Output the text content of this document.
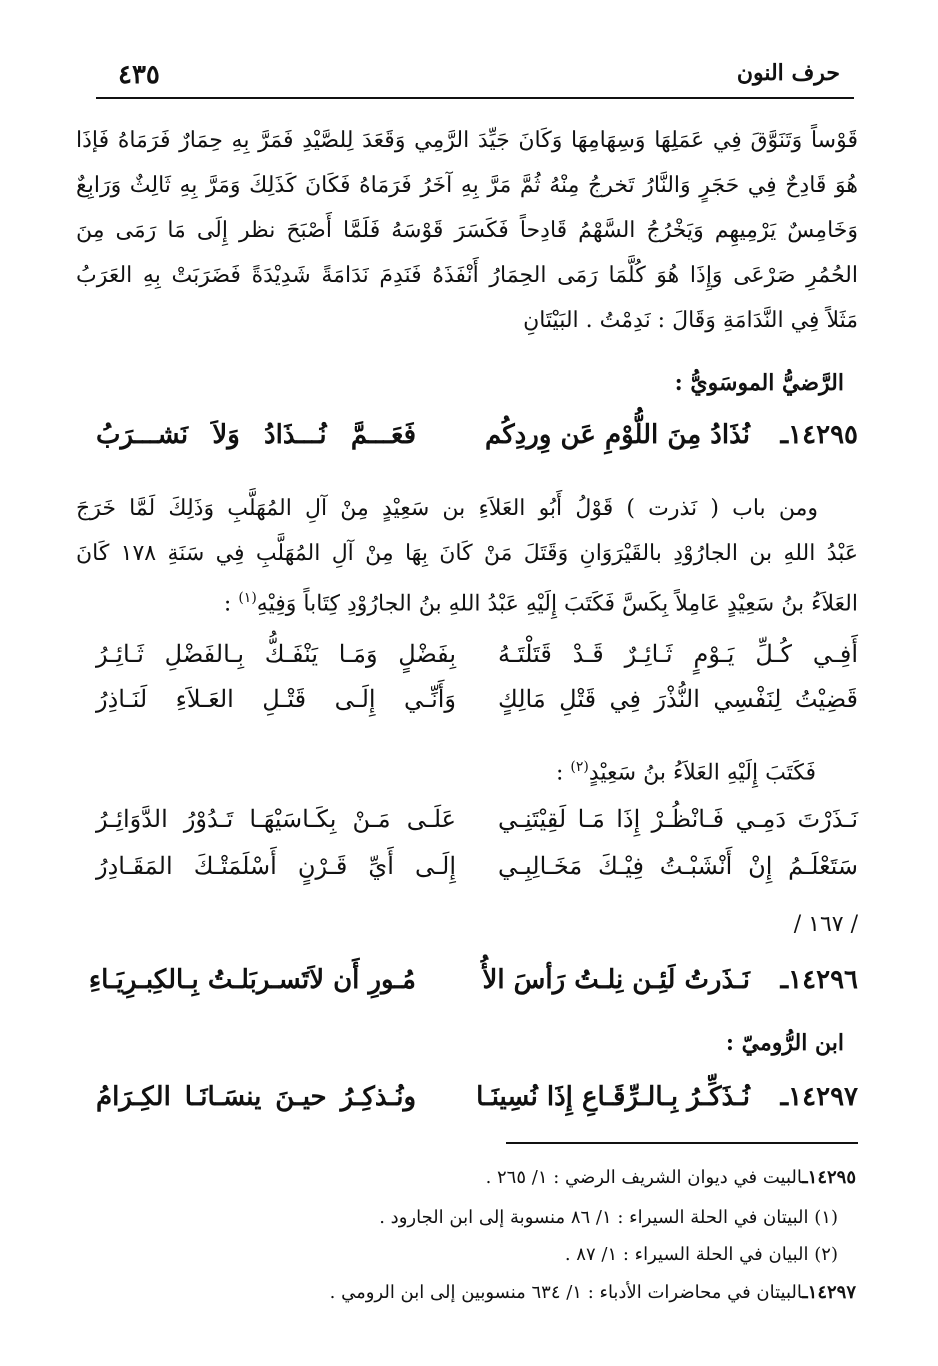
حرف النون
٤٣٥
قَوْساً وَتَنَوَّقَ فِي عَمَلِهَا وَسِهَامِهَا وَكَانَ جَيِّدَ الرَّمِي وَقَعَدَ لِلصَّيْدِ فَمَرَّ بِهِ حِمَارٌ فَرَمَاهُ فَإذَا
هُوَ قَادِحٌ فِي حَجَرٍ وَالنَّارُ تَخرجُ مِنْهُ ثُمَّ مَرَّ بِهِ آخَرُ فَرَمَاهُ فَكَانَ كَذَلِكَ وَمَرَّ بِهِ ثَالِثٌ وَرَابِعٌ
وَخَامِسٌ يَرْمِيهِم وَيَخْرُجُ السَّهْمُ قَادِحاً فَكَسَرَ قَوْسَهُ فَلَمَّا أَصْبَحَ نظر إِلَى مَا رَمَى مِنَ
الحُمُرِ صَرْعَى وَإِذَا هُوَ كُلَّمَا رَمَى الحِمَارُ أَنْفَذَهُ فَنَدِمَ نَدَامَةً شَدِيْدَةً فَضَرَبَتْ بِهِ العَرَبُ
مَثَلاً فِي النَّدَامَةِ وَقَالَ : نَدِمْتُ . البَيْتَانِ
الرَّضيُّ الموسَويُّ :
١٤٢٩٥ـ
نُذَادُ مِنَ اللُّوْمِ عَن وِردِكُم
فَعَـــمَّ نُـــذَادُ وَلاَ نَشـــرَبُ
ومن باب ( نَذرت ) قَوْلُ أَبُو العَلاَءِ بن سَعِيْدٍ مِنْ آلِ المُهَلَّبِ وَذَلِكَ لَمَّا خَرَجَ
عَبْدُ اللهِ بن الجارُوْدِ بالقَيْرَوَانِ وَقَتَلَ مَنْ كَانَ بِهَا مِنْ آلِ المُهَلَّبِ فِي سَنَةِ ١٧٨ كَانَ
العَلاَءُ بنُ سَعِيْدٍ عَامِلاً بِكَسَّ فَكَتَبَ إِلَيْهِ عَبْدُ اللهِ بنُ الجارُوْدِ كِتَاباً وَفِيْهِ$^{(١)}$ :
أَفِـي كُـلِّ يَـوْمٍ ثَـائِـرٌ قَـدْ قَتَلْتَـهُ
بِفَضْلٍ وَمَـا يَنْفَـكُّ بِـالفَضْلِ ثَـائِـرُ
قَضِيْتُ لِنَفْسِي النُّذْرَ فِي قَتْلِ مَالِكٍ
وَأَنِّـي إِلَـى قَتْـلِ العَـلاَءِ لَنَـاذِرُ
فَكَتَبَ إِلَيْهِ العَلاَءُ بنُ سَعِيْدٍ$^{(٢)}$ :
نَـذَرْتَ دَمِـي فَـانْظُـرْ إِذَا مَـا لَقِيْتَنِـي
عَلَـى مَـنْ بِكَـاسَيْهَـا تَـدُوْرُ الدَّوَائِـرُ
سَتَعْلَـمُ إِنْ أَنْشَبْـتُ فِيْـكَ مَخَـالِبِـي
إِلَـى أَيِّ قَـرْنٍ أَسْلَمَتْـكَ المَقَـادِرُ
/ ١٦٧ /
١٤٢٩٦ـ
نَـذَرتُ لَئِـن نِلـتُ رَأسَ الأُ
مُـورِ أَن لاَتَسـربَلـتُ بِـالكِبـرِيَـاءِ
ابن الرُّوميّ :
١٤٢٩٧ـ
نُـذَكِّـرُ بِـالـرِّقَـاعِ إِذَا نُسِينَـا
ونُـذكِـرُ حيـنَ ينسَـانَـا الكِـرَامُ
١٤٢٩٥ـالبيت في ديوان الشريف الرضي : ١/ ٢٦٥ .
(١) البيتان في الحلة السيراء : ١/ ٨٦ منسوبة إلى ابن الجارود .
(٢) البيان في الحلة السيراء : ١/ ٨٧ .
١٤٢٩٧ـالبيتان في محاضرات الأدباء : ١/ ٦٣٤ منسوبين إلى ابن الرومي .
